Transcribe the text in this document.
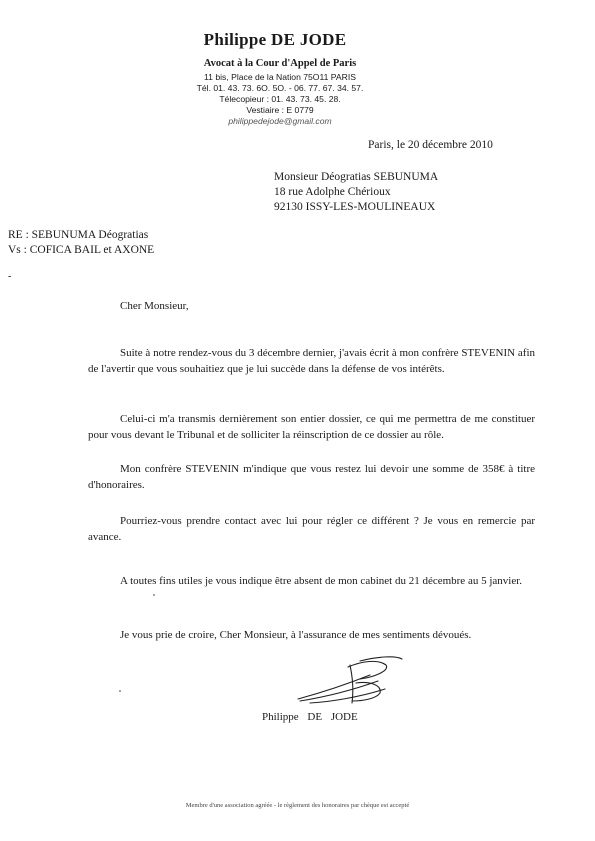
Philippe DE JODE
Avocat à la Cour d'Appel de Paris
11 bis, Place de la Nation 75O11 PARIS
Tél. 01. 43. 73. 6O. 5O. - 06. 77. 67. 34. 57.
Télecopieur : 01. 43. 73. 45. 28.
Vestiaire : E 0779
philippedejode@gmail.com
Paris, le 20 décembre 2010
Monsieur Déogratias SEBUNUMA
18 rue Adolphe Chérioux
92130 ISSY-LES-MOULINEAUX
RE : SEBUNUMA Déogratias
Vs : COFICA BAIL et AXONE
-
Cher Monsieur,
Suite à notre rendez-vous du 3 décembre dernier, j'avais écrit à mon confrère STEVENIN afin de l'avertir que vous souhaitiez que je lui succède dans la défense de vos intérêts.
Celui-ci m'a transmis dernièrement son entier dossier, ce qui me permettra de me constituer pour vous devant le Tribunal et de solliciter la réinscription de ce dossier au rôle.
Mon confrère STEVENIN m'indique que vous restez lui devoir une somme de 358€ à titre d'honoraires.
Pourriez-vous prendre contact avec lui pour régler ce différent ? Je vous en remercie par avance.
A toutes fins utiles je vous indique être absent de mon cabinet du 21 décembre au 5 janvier.
Je vous prie de croire, Cher Monsieur, à l'assurance de mes sentiments dévoués.
Philippe DE JODE
Membre d'une association agréée - le règlement des honoraires par chèque est accepté
